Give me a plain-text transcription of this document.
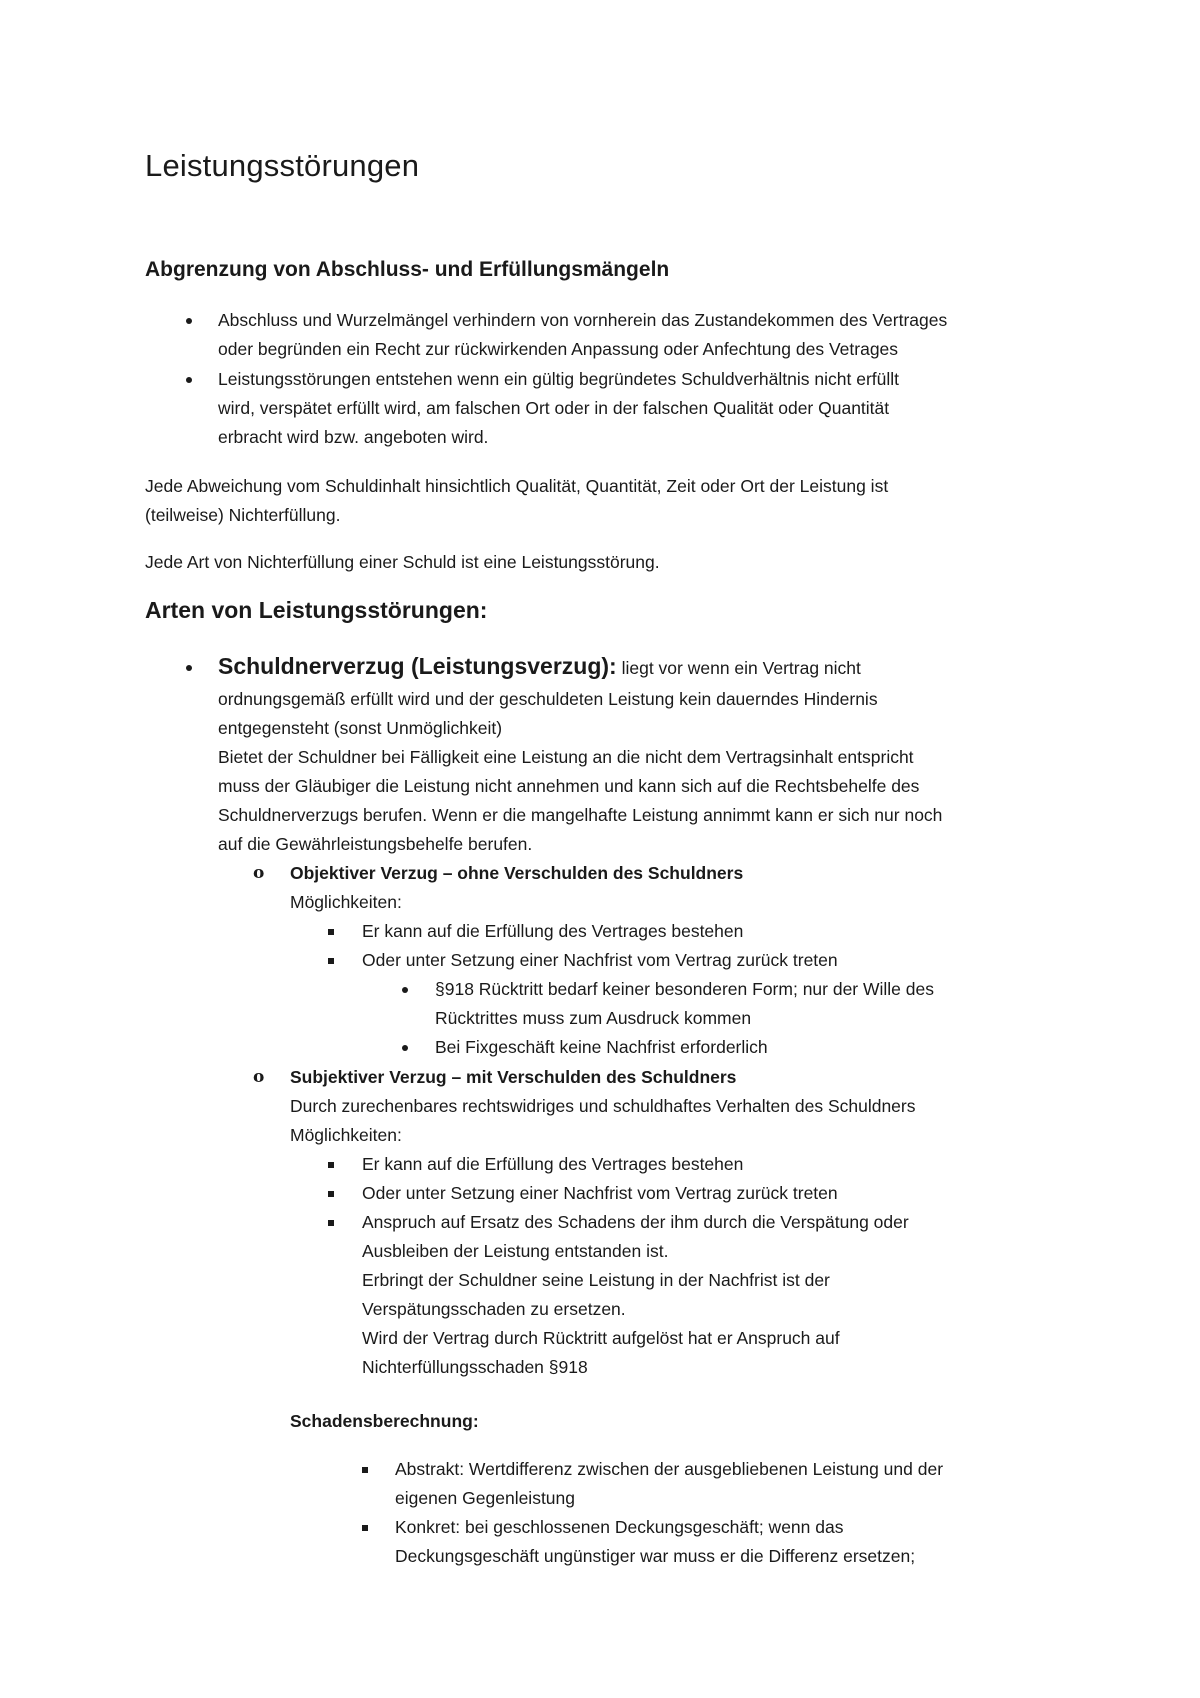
Leistungsstörungen
Abgrenzung von Abschluss- und Erfüllungsmängeln
Abschluss und Wurzelmängel verhindern von vornherein das Zustandekommen des Vertrages
oder begründen ein Recht zur rückwirkenden Anpassung oder Anfechtung des Vetrages
Leistungsstörungen entstehen wenn ein gültig begründetes Schuldverhältnis nicht erfüllt
wird, verspätet erfüllt wird, am falschen Ort oder in der falschen Qualität oder Quantität
erbracht wird bzw. angeboten wird.
Jede Abweichung vom Schuldinhalt hinsichtlich Qualität, Quantität, Zeit oder Ort der Leistung ist
(teilweise) Nichterfüllung.
Jede Art von Nichterfüllung einer Schuld ist eine Leistungsstörung.
Arten von Leistungsstörungen:
Schuldnerverzug (Leistungsverzug): liegt vor wenn ein Vertrag nicht
ordnungsgemäß erfüllt wird und der geschuldeten Leistung kein dauerndes Hindernis
entgegensteht (sonst Unmöglichkeit)
Bietet der Schuldner bei Fälligkeit eine Leistung an die nicht dem Vertragsinhalt entspricht
muss der Gläubiger die Leistung nicht annehmen und kann sich auf die Rechtsbehelfe des
Schuldnerverzugs berufen. Wenn er die mangelhafte Leistung annimmt kann er sich nur noch
auf die Gewährleistungsbehelfe berufen.
o Objektiver Verzug – ohne Verschulden des Schuldners
Möglichkeiten:
Er kann auf die Erfüllung des Vertrages bestehen
Oder unter Setzung einer Nachfrist vom Vertrag zurück treten
§918 Rücktritt bedarf keiner besonderen Form; nur der Wille des
Rücktrittes muss zum Ausdruck kommen
Bei Fixgeschäft keine Nachfrist erforderlich
o Subjektiver Verzug – mit Verschulden des Schuldners
Durch zurechenbares rechtswidriges und schuldhaftes Verhalten des Schuldners
Möglichkeiten:
Er kann auf die Erfüllung des Vertrages bestehen
Oder unter Setzung einer Nachfrist vom Vertrag zurück treten
Anspruch auf Ersatz des Schadens der ihm durch die Verspätung oder
Ausbleiben der Leistung entstanden ist.
Erbringt der Schuldner seine Leistung in der Nachfrist ist der
Verspätungsschaden zu ersetzen.
Wird der Vertrag durch Rücktritt aufgelöst hat er Anspruch auf
Nichterfüllungsschaden §918
Schadensberechnung:
Abstrakt: Wertdifferenz zwischen der ausgebliebenen Leistung und der
eigenen Gegenleistung
Konkret: bei geschlossenen Deckungsgeschäft; wenn das
Deckungsgeschäft ungünstiger war muss er die Differenz ersetzen;
